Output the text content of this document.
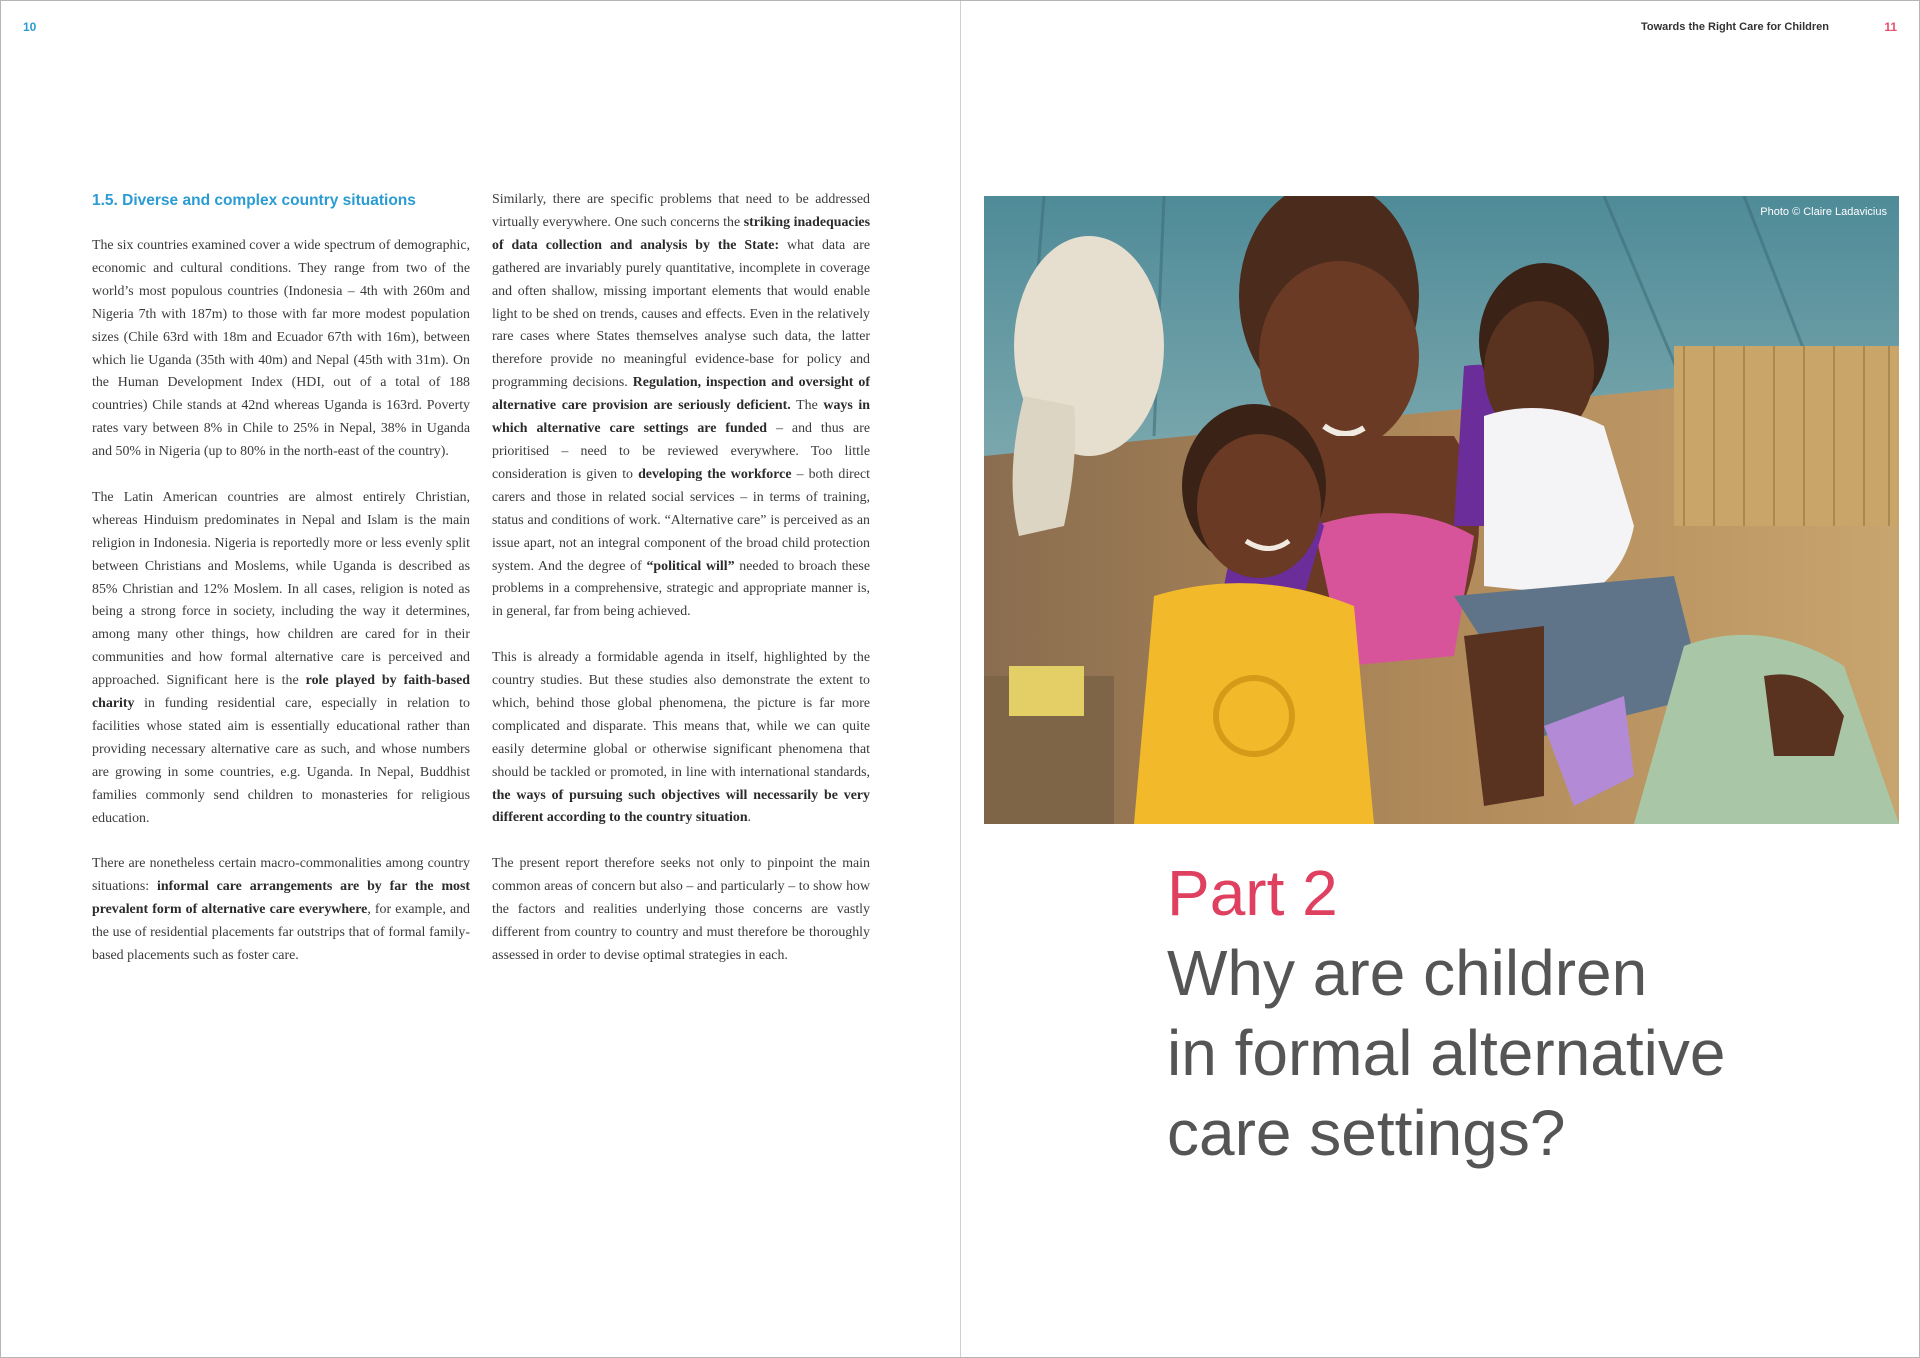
10	Towards the Right Care for Children	11
1.5. Diverse and complex country situations

The six countries examined cover a wide spectrum of demographic, economic and cultural conditions. They range from two of the world’s most populous countries (Indonesia – 4th with 260m and Nigeria 7th with 187m) to those with far more modest population sizes (Chile 63rd with 18m and Ecuador 67th with 16m), between which lie Uganda (35th with 40m) and Nepal (45th with 31m). On the Human Development Index (HDI, out of a total of 188 countries) Chile stands at 42nd whereas Uganda is 163rd. Poverty rates vary between 8% in Chile to 25% in Nepal, 38% in Uganda and 50% in Nigeria (up to 80% in the north-east of the country).

The Latin American countries are almost entirely Christian, whereas Hinduism predominates in Nepal and Islam is the main religion in Indonesia. Nigeria is reportedly more or less evenly split between Christians and Moslems, while Uganda is described as 85% Christian and 12% Moslem. In all cases, religion is noted as being a strong force in society, including the way it determines, among many other things, how children are cared for in their communities and how formal alternative care is perceived and approached. Significant here is the role played by faith-based charity in funding residential care, especially in relation to facilities whose stated aim is essentially educational rather than providing necessary alternative care as such, and whose numbers are growing in some countries, e.g. Uganda. In Nepal, Buddhist families commonly send children to monasteries for religious education.

There are nonetheless certain macro-commonalities among country situations: informal care arrangements are by far the most prevalent form of alternative care everywhere, for example, and the use of residential placements far outstrips that of formal family-based placements such as foster care.

Similarly, there are specific problems that need to be addressed virtually everywhere. One such concerns the striking inadequacies of data collection and analysis by the State: what data are gathered are invariably purely quantitative, incomplete in coverage and often shallow, missing important elements that would enable light to be shed on trends, causes and effects. Even in the relatively rare cases where States themselves analyse such data, the latter therefore provide no meaningful evidence-base for policy and programming decisions. Regulation, inspection and oversight of alternative care provision are seriously deficient. The ways in which alternative care settings are funded – and thus are prioritised – need to be reviewed everywhere. Too little consideration is given to developing the workforce – both direct carers and those in related social services – in terms of training, status and conditions of work. “Alternative care” is perceived as an issue apart, not an integral component of the broad child protection system. And the degree of “political will” needed to broach these problems in a comprehensive, strategic and appropriate manner is, in general, far from being achieved.

This is already a formidable agenda in itself, highlighted by the country studies. But these studies also demonstrate the extent to which, behind those global phenomena, the picture is far more complicated and disparate. This means that, while we can quite easily determine global or otherwise significant phenomena that should be tackled or promoted, in line with international standards, the ways of pursuing such objectives will necessarily be very different according to the country situation.

The present report therefore seeks not only to pinpoint the main common areas of concern but also – and particularly – to show how the factors and realities underlying those concerns are vastly different from country to country and must therefore be thoroughly assessed in order to devise optimal strategies in each.

Photo © Claire Ladavicius
Part 2
Why are children
in formal alternative
care settings?
